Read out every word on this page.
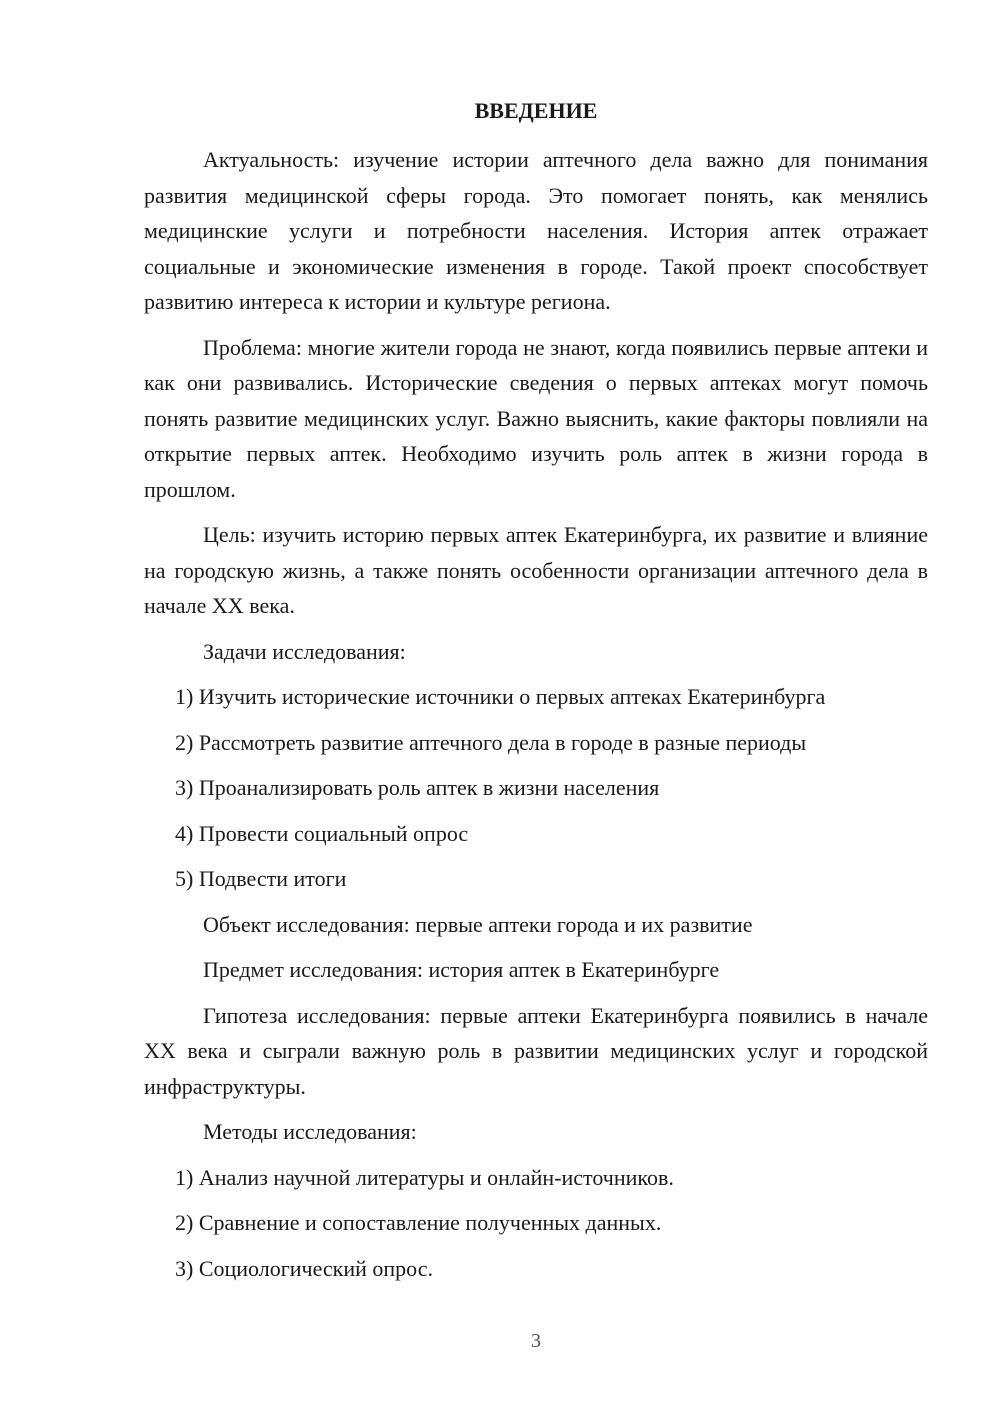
ВВЕДЕНИЕ

Актуальность: изучение истории аптечного дела важно для понимания развития медицинской сферы города. Это помогает понять, как менялись медицинские услуги и потребности населения. История аптек отражает социальные и экономические изменения в городе. Такой проект способствует развитию интереса к истории и культуре региона.

Проблема: многие жители города не знают, когда появились первые аптеки и как они развивались. Исторические сведения о первых аптеках могут помочь понять развитие медицинских услуг. Важно выяснить, какие факторы повлияли на открытие первых аптек. Необходимо изучить роль аптек в жизни города в прошлом.

Цель: изучить историю первых аптек Екатеринбурга, их развитие и влияние на городскую жизнь, а также понять особенности организации аптечного дела в начале XX века.

Задачи исследования:

1) Изучить исторические источники о первых аптеках Екатеринбурга

2) Рассмотреть развитие аптечного дела в городе в разные периоды

3) Проанализировать роль аптек в жизни населения

4) Провести социальный опрос

5) Подвести итоги

Объект исследования: первые аптеки города и их развитие

Предмет исследования: история аптек в Екатеринбурге

Гипотеза исследования: первые аптеки Екатеринбурга появились в начале XX века и сыграли важную роль в развитии медицинских услуг и городской инфраструктуры.

Методы исследования:

1) Анализ научной литературы и онлайн-источников.

2) Сравнение и сопоставление полученных данных.

3) Социологический опрос.

3
